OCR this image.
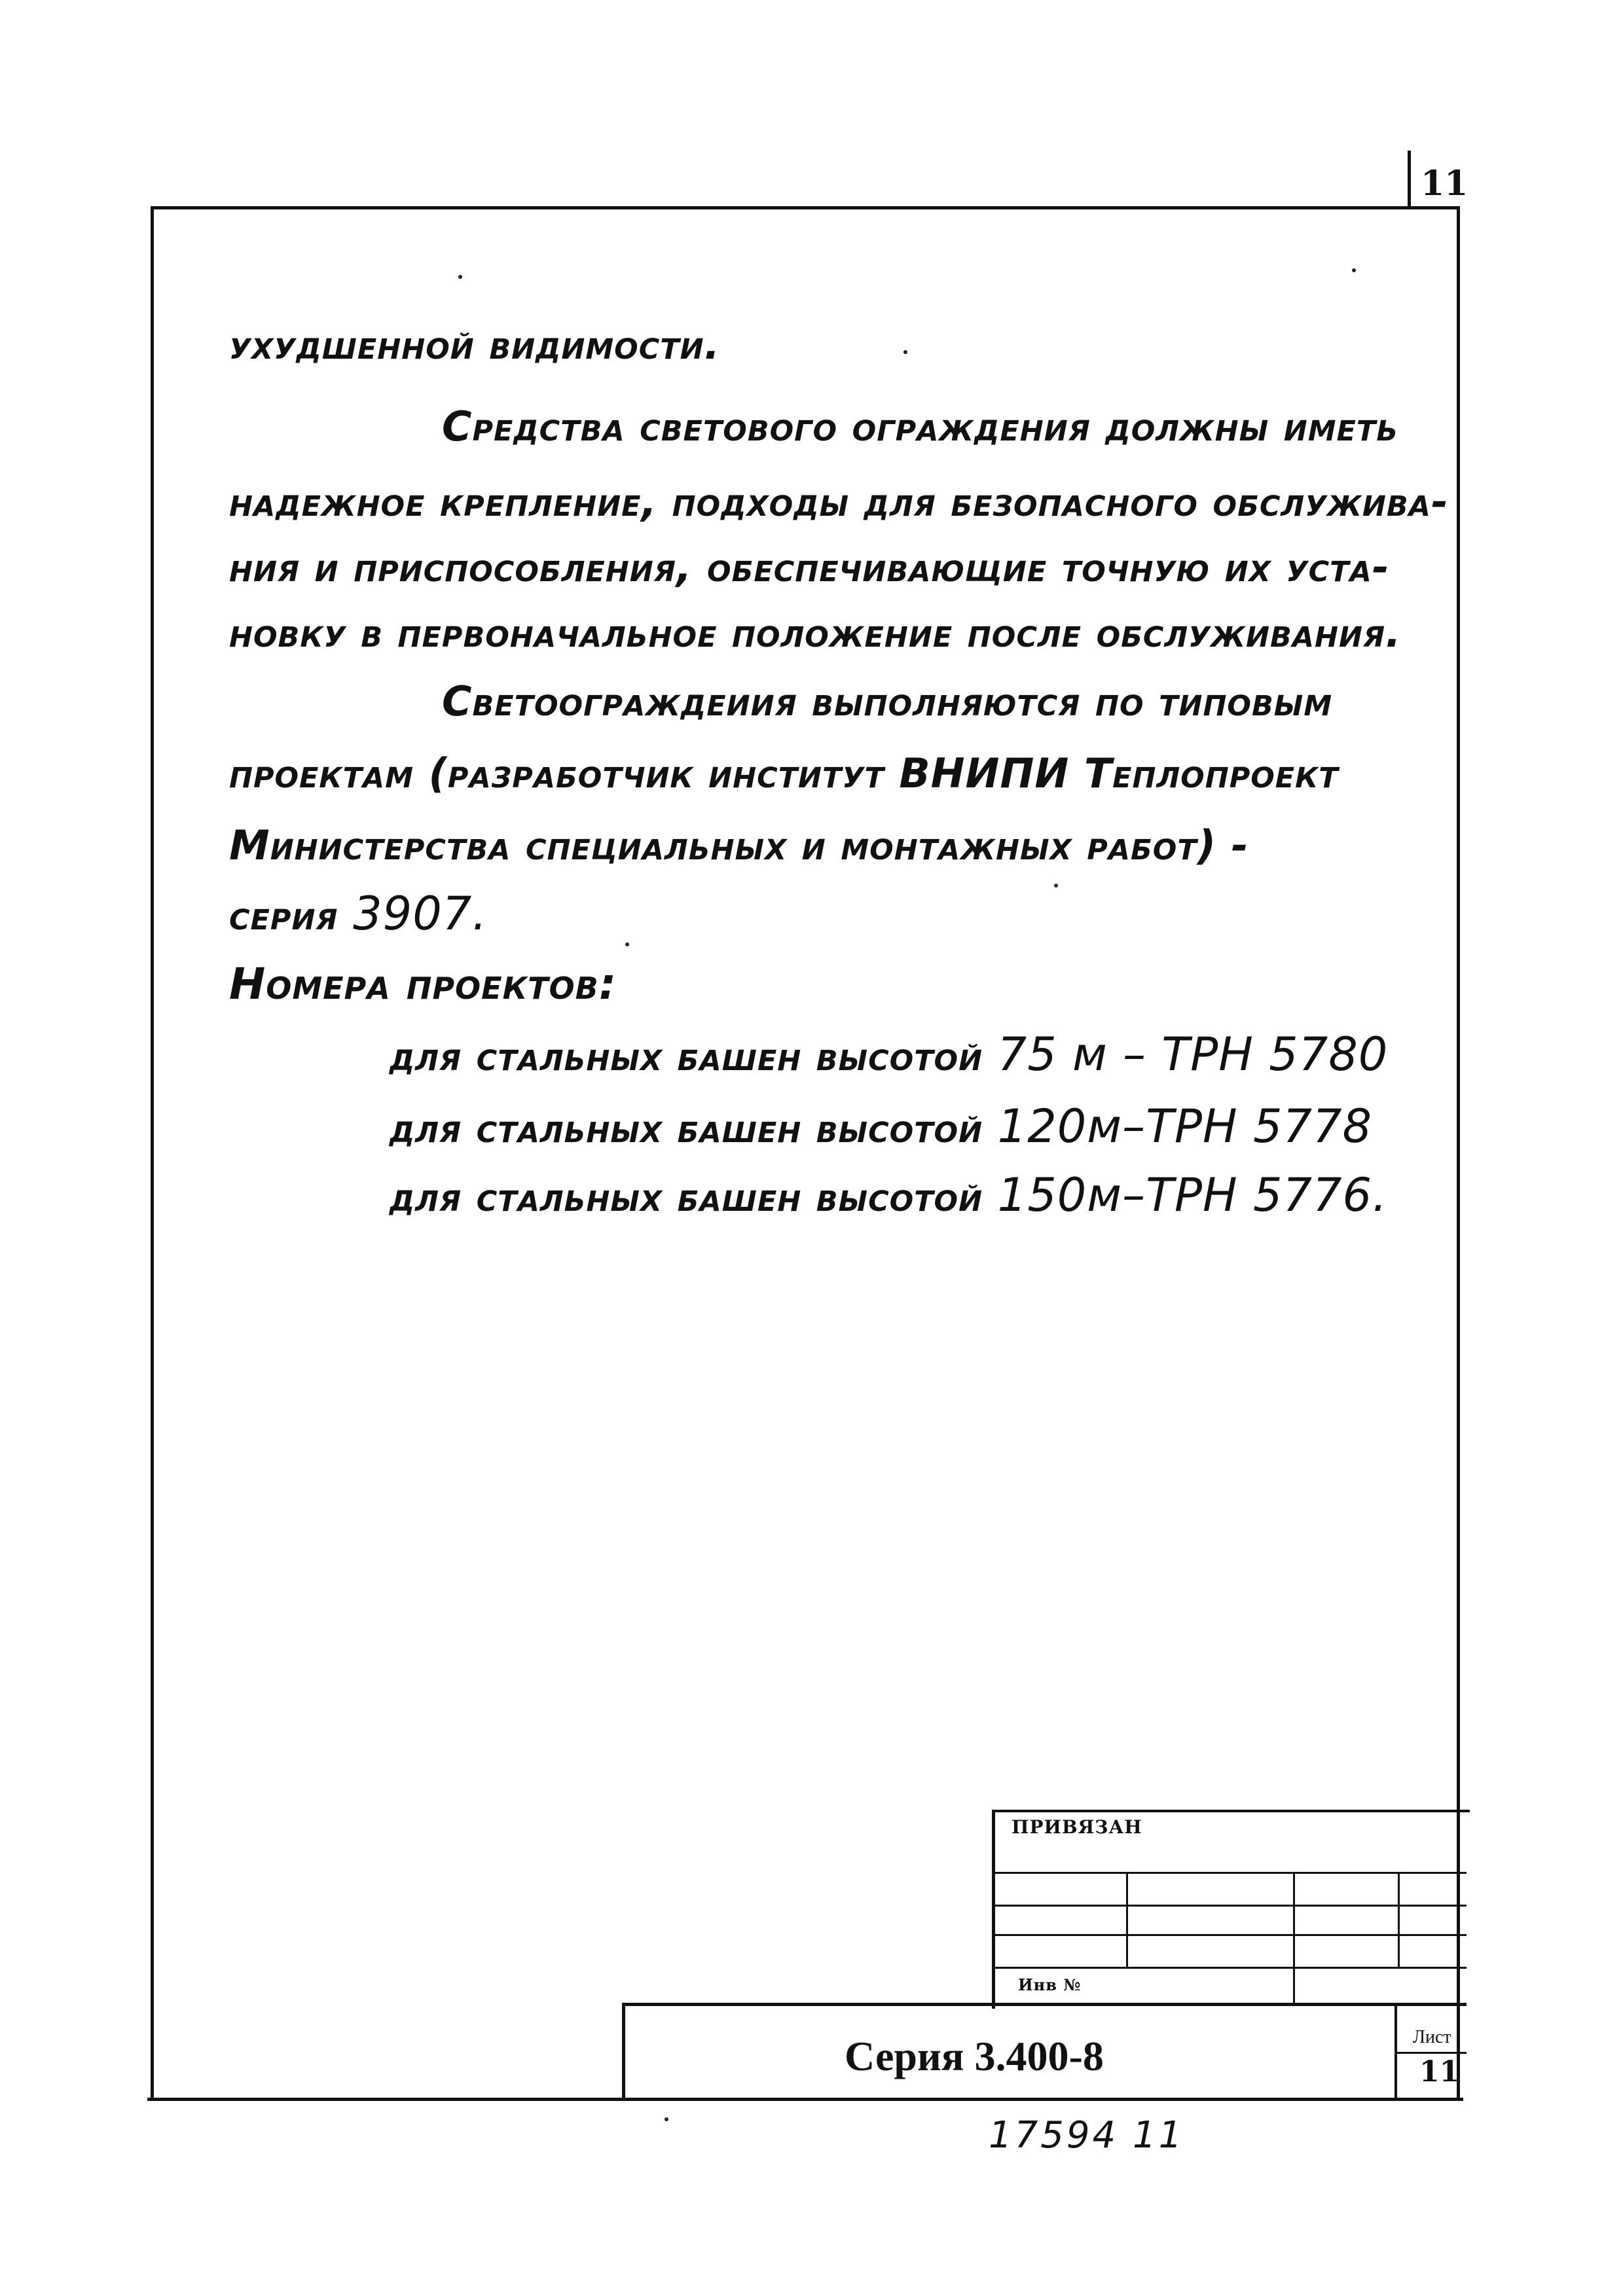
11
ухудшенной видимости.
Средства светового ограждения должны иметь
надежное крепление, подходы для безопасного обслужива-
ния и приспособления, обеспечивающие точную их уста-
новку в первоначальное положение после обслуживания.
Светоограждеиия выполняются по типовым
проектам (разработчик институт ВНИПИ Теплопроект
Министерства специальных и монтажных работ) -
серия 3907.
Номера проектов:
для стальных башен высотой 75 м – ТРН 5780
для стальных башен высотой 120м–ТРН 5778
для стальных башен высотой 150м–ТРН 5776.
ПРИВЯЗАН
Инв №
Серия 3.400-8	Лист
11
17594 11
